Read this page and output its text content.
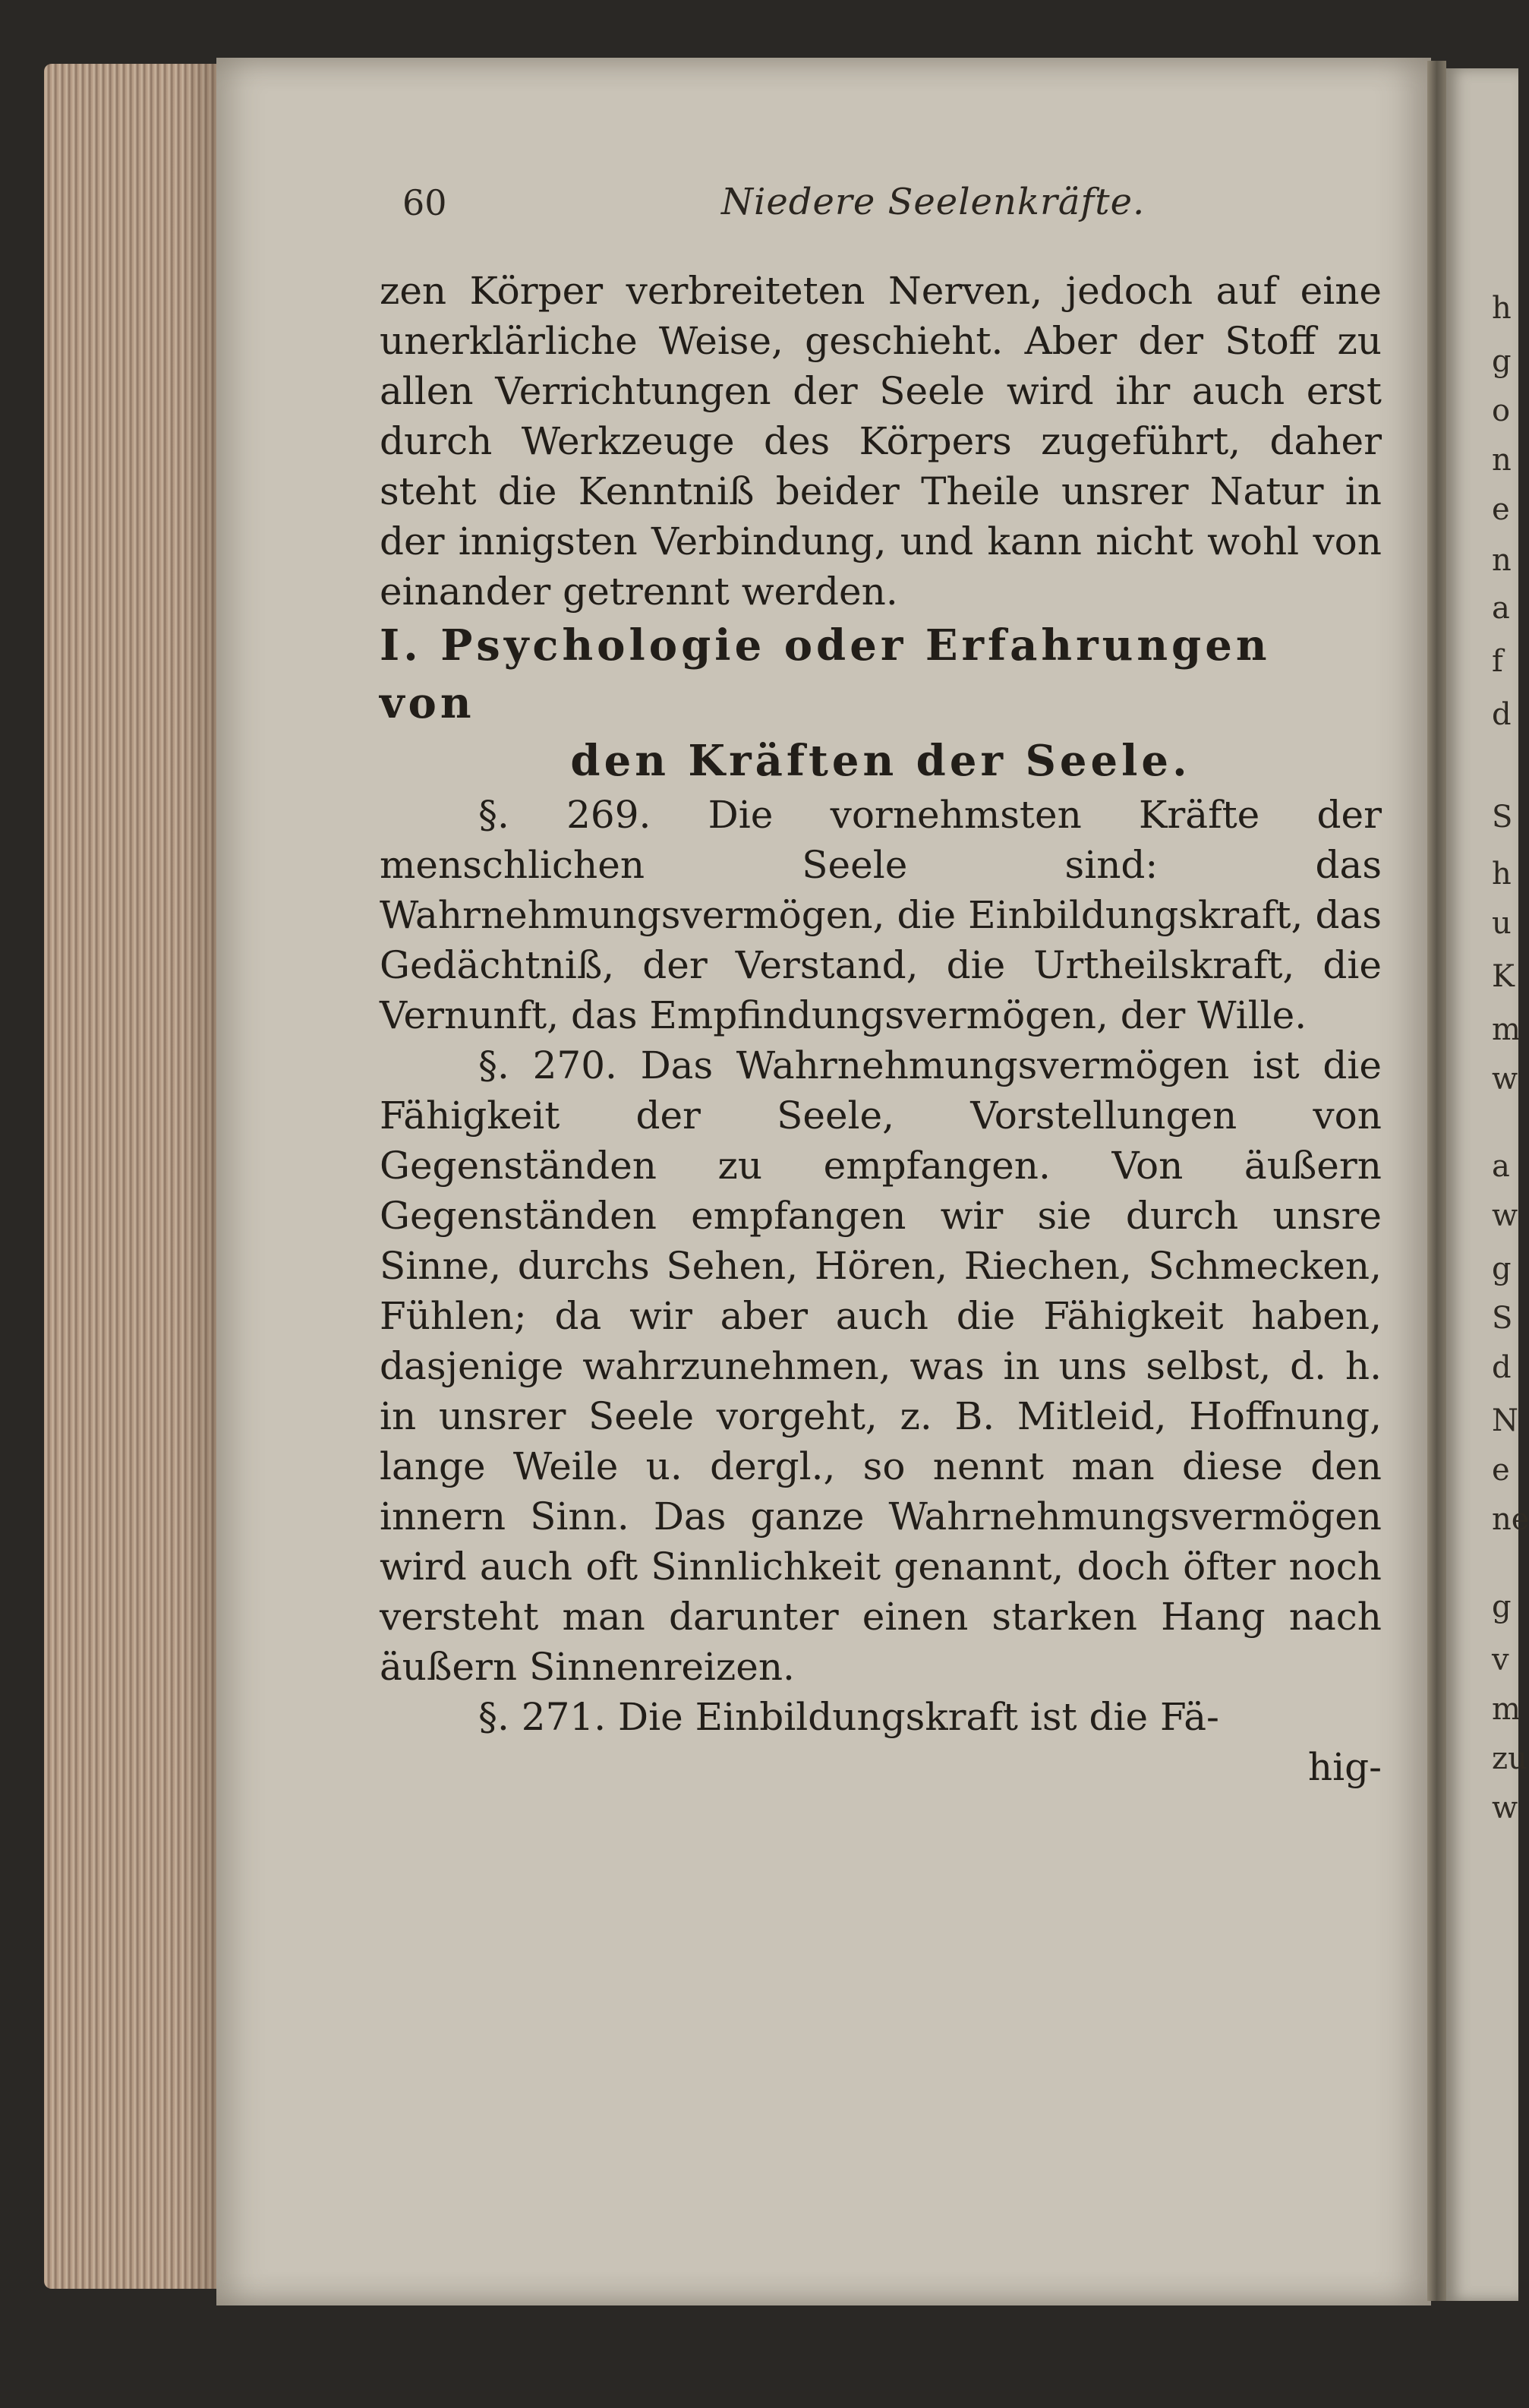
h
g
o
n
e
n
a
f
d
S
h
u
K
m
w
a
w
g
S
d
N
e
ne
g
v
m
zu
w
60	Niedere Seelenkräfte.

zen Körper verbreiteten Nerven, jedoch auf eine unerklärliche Weise, geschieht. Aber der Stoff zu allen Verrichtungen der Seele wird ihr auch erst durch Werkzeuge des Körpers zugeführt, daher steht die Kenntniß beider Theile unsrer Natur in der innigsten Verbindung, und kann nicht wohl von einander getrennt werden.

I. Psychologie oder Erfahrungen von

den Kräften der Seele.

§. 269. Die vornehmsten Kräfte der menschlichen Seele sind: das Wahrnehmungsvermögen, die Einbildungskraft, das Gedächtniß, der Verstand, die Urtheilskraft, die Vernunft, das Empfindungsvermögen, der Wille.

§. 270. Das Wahrnehmungsvermögen ist die Fähigkeit der Seele, Vorstellungen von Gegenständen zu empfangen. Von äußern Gegenständen empfangen wir sie durch unsre Sinne, durchs Sehen, Hören, Riechen, Schmecken, Fühlen; da wir aber auch die Fähigkeit haben, dasjenige wahrzunehmen, was in uns selbst, d. h. in unsrer Seele vorgeht, z. B. Mitleid, Hoffnung, lange Weile u. dergl., so nennt man diese den innern Sinn. Das ganze Wahrnehmungsvermögen wird auch oft Sinnlichkeit genannt, doch öfter noch versteht man darunter einen starken Hang nach äußern Sinnenreizen.

§. 271. Die Einbildungskraft ist die Fä-

hig-
